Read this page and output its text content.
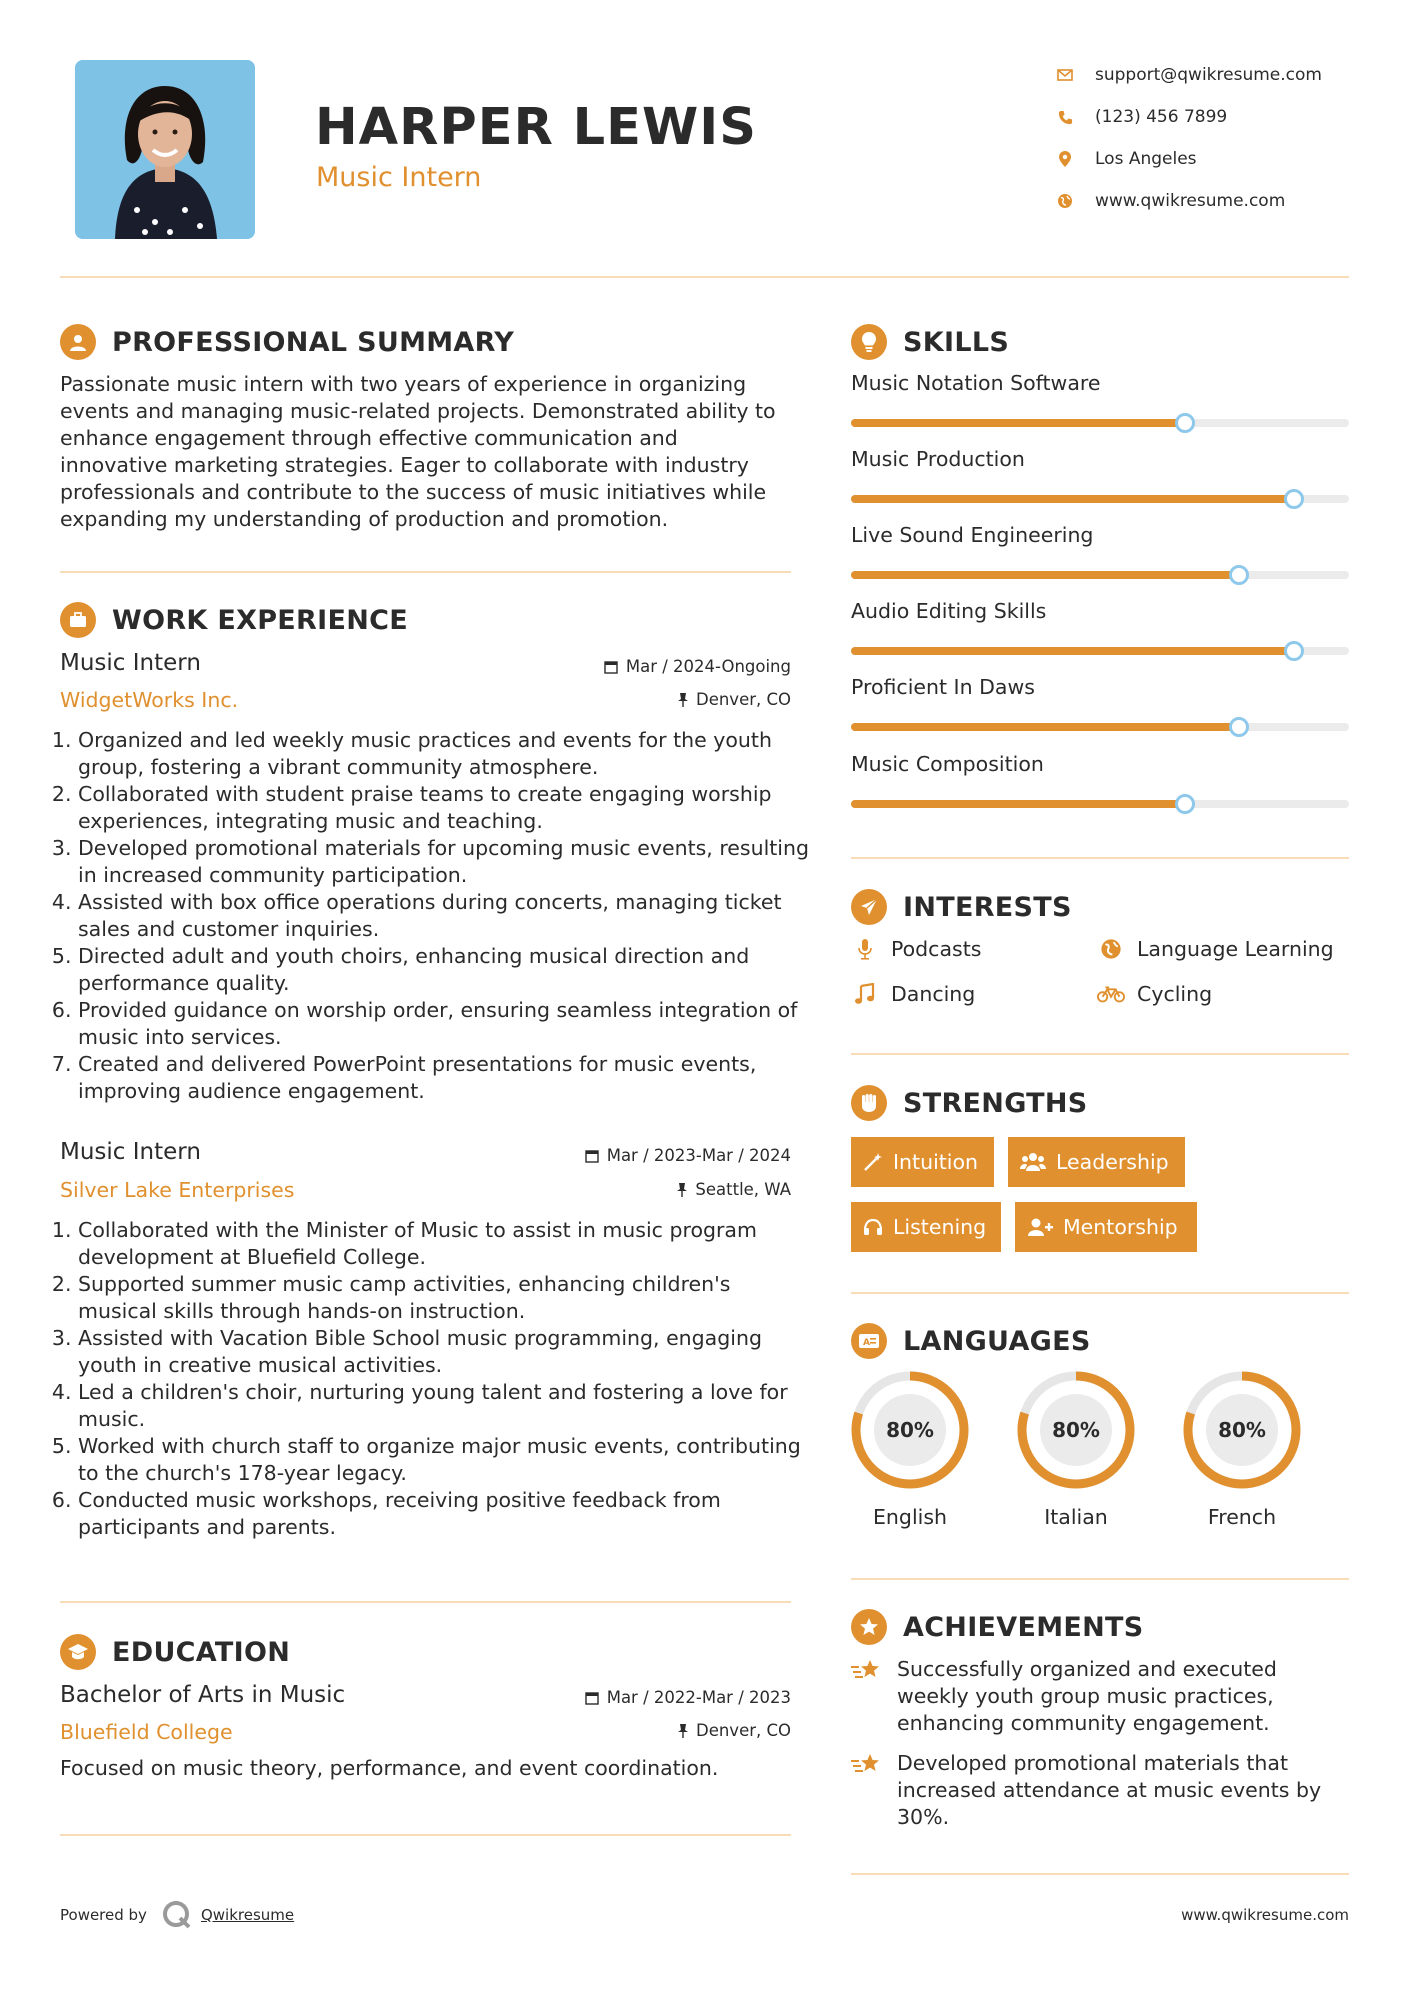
HARPER LEWIS
Music Intern
support@qwikresume.com
(123) 456 7899
Los Angeles
www.qwikresume.com
PROFESSIONAL SUMMARY

Passionate music intern with two years of experience in organizing events and managing music-related projects. Demonstrated ability to enhance engagement through effective communication and innovative marketing strategies. Eager to collaborate with industry professionals and contribute to the success of music initiatives while expanding my understanding of production and promotion.

WORK EXPERIENCE
Music Intern	Mar / 2024-Ongoing
WidgetWorks Inc.	Denver, CO
1. Organized and led weekly music practices and events for the youth group, fostering a vibrant community atmosphere.
2. Collaborated with student praise teams to create engaging worship experiences, integrating music and teaching.
3. Developed promotional materials for upcoming music events, resulting in increased community participation.
4. Assisted with box office operations during concerts, managing ticket sales and customer inquiries.
5. Directed adult and youth choirs, enhancing musical direction and performance quality.
6. Provided guidance on worship order, ensuring seamless integration of music into services.
7. Created and delivered PowerPoint presentations for music events, improving audience engagement.
Music Intern	Mar / 2023-Mar / 2024
Silver Lake Enterprises	Seattle, WA
1. Collaborated with the Minister of Music to assist in music program development at Bluefield College.
2. Supported summer music camp activities, enhancing children's musical skills through hands-on instruction.
3. Assisted with Vacation Bible School music programming, engaging youth in creative musical activities.
4. Led a children's choir, nurturing young talent and fostering a love for music.
5. Worked with church staff to organize major music events, contributing to the church's 178-year legacy.
6. Conducted music workshops, receiving positive feedback from participants and parents.
EDUCATION
Bachelor of Arts in Music	Mar / 2022-Mar / 2023
Bluefield College	Denver, CO

Focused on music theory, performance, and event coordination.

SKILLS
Music Notation Software
Music Production
Live Sound Engineering
Audio Editing Skills
Proficient In Daws
Music Composition
INTERESTS
Podcasts	Language Learning
Dancing	Cycling
STRENGTHS
Intuition	Leadership
Listening	Mentorship
A LANGUAGES
80%
English
80%
Italian
80%
French
ACHIEVEMENTS
Successfully organized and executed weekly youth group music practices, enhancing community engagement.
Developed promotional materials that increased attendance at music events by 30%.
Powered by	Qwikresume	www.qwikresume.com
